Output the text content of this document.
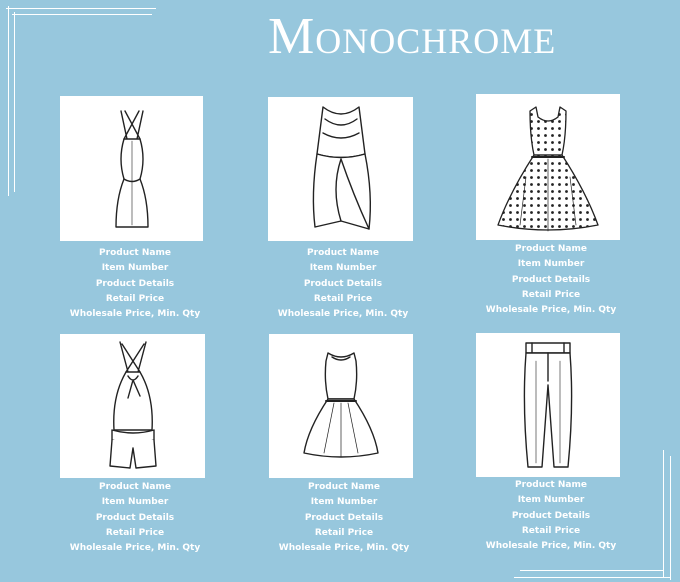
Monochrome
Product Name
Item Number
Product Details
Retail Price
Wholesale Price, Min. Qty
Product Name
Item Number
Product Details
Retail Price
Wholesale Price, Min. Qty
Product Name
Item Number
Product Details
Retail Price
Wholesale Price, Min. Qty
Product Name
Item Number
Product Details
Retail Price
Wholesale Price, Min. Qty
Product Name
Item Number
Product Details
Retail Price
Wholesale Price, Min. Qty
Product Name
Item Number
Product Details
Retail Price
Wholesale Price, Min. Qty
